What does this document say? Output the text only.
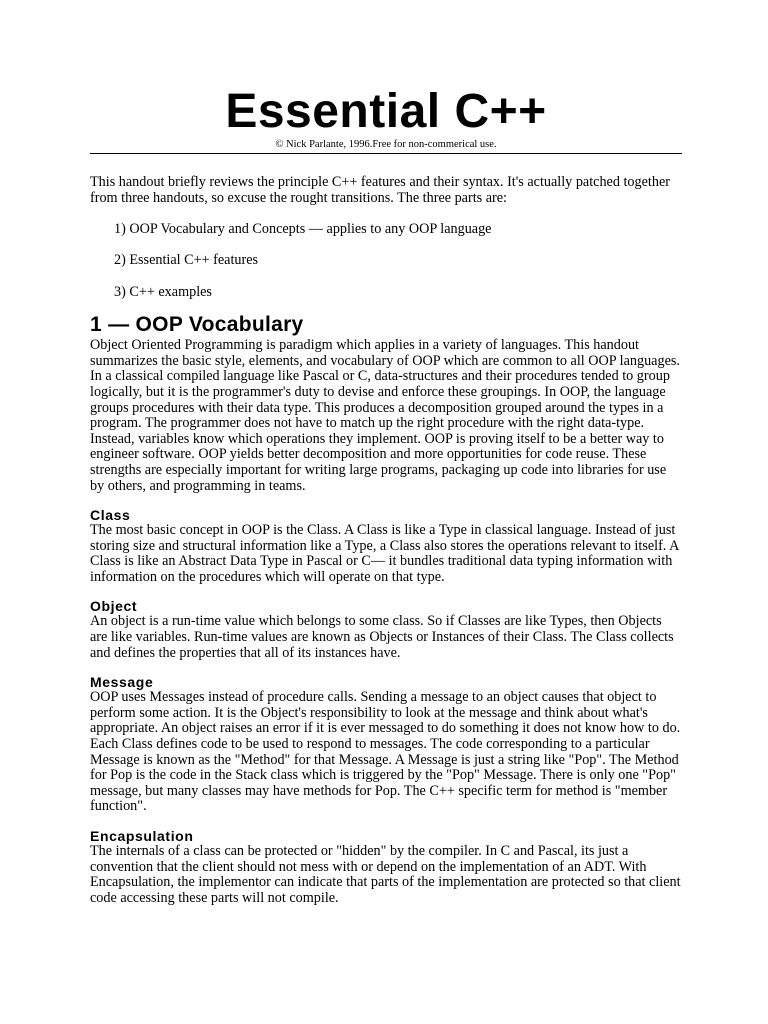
Essential C++
© Nick Parlante, 1996.Free for non-commerical use.

This handout briefly reviews the principle C++ features and their syntax. It's actually patched together from three handouts, so excuse the rought transitions. The three parts are:

1) OOP Vocabulary and Concepts — applies to any OOP language
2) Essential C++ features
3) C++ examples
1 — OOP Vocabulary

Object Oriented Programming is paradigm which applies in a variety of languages. This handout summarizes the basic style, elements, and vocabulary of OOP which are common to all OOP languages. In a classical compiled language like Pascal or C, data-structures and their procedures tended to group logically, but it is the programmer's duty to devise and enforce these groupings. In OOP, the language groups procedures with their data type. This produces a decomposition grouped around the types in a program. The programmer does not have to match up the right procedure with the right data-type. Instead, variables know which operations they implement. OOP is proving itself to be a better way to engineer software. OOP yields better decomposition and more opportunities for code reuse. These strengths are especially important for writing large programs, packaging up code into libraries for use by others, and programming in teams.

Class

The most basic concept in OOP is the Class. A Class is like a Type in classical language. Instead of just storing size and structural information like a Type, a Class also stores the operations relevant to itself. A Class is like an Abstract Data Type in Pascal or C— it bundles traditional data typing information with information on the procedures which will operate on that type.

Object

An object is a run-time value which belongs to some class. So if Classes are like Types, then Objects are like variables. Run-time values are known as Objects or Instances of their Class. The Class collects and defines the properties that all of its instances have.

Message

OOP uses Messages instead of procedure calls. Sending a message to an object causes that object to perform some action. It is the Object's responsibility to look at the message and think about what's appropriate. An object raises an error if it is ever messaged to do something it does not know how to do. Each Class defines code to be used to respond to messages. The code corresponding to a particular Message is known as the "Method" for that Message. A Message is just a string like "Pop". The Method for Pop is the code in the Stack class which is triggered by the "Pop" Message. There is only one "Pop" message, but many classes may have methods for Pop. The C++ specific term for method is "member function".

Encapsulation

The internals of a class can be protected or "hidden" by the compiler. In C and Pascal, its just a convention that the client should not mess with or depend on the implementation of an ADT. With Encapsulation, the implementor can indicate that parts of the implementation are protected so that client code accessing these parts will not compile.
